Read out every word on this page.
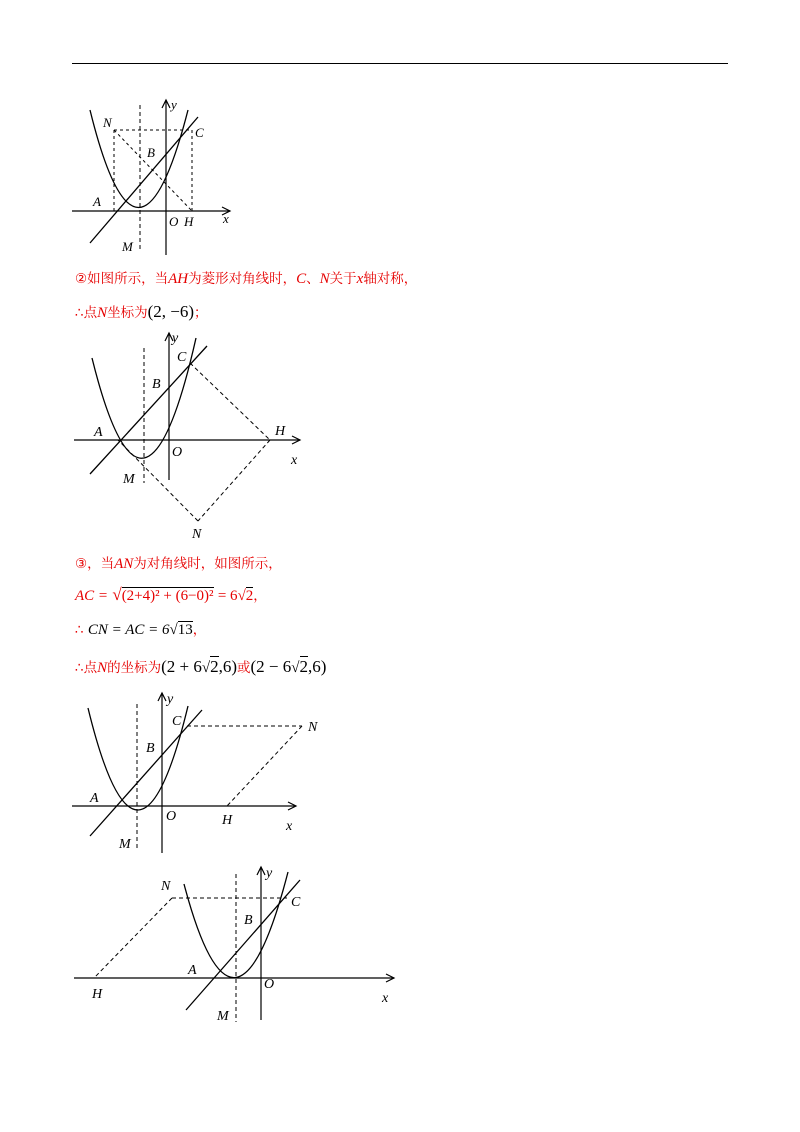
y
N
C
B
A
O H x
M
②如图所示，当AH为菱形对角线时，C、N关于x轴对称，
∴点N坐标为(2, −6)；
y
C
B
A	H
O
x
M
N
③，当AN为对角线时，如图所示，
AC = √(2+4)² + (6−0)² = 6√2，
∴ CN = AC = 6√13，
∴点N的坐标为(2 + 6√2,6)或(2 − 6√2,6)
y
C	N
B
A
O	H	x
M
y
N
C
B
A
O
H	x
M
